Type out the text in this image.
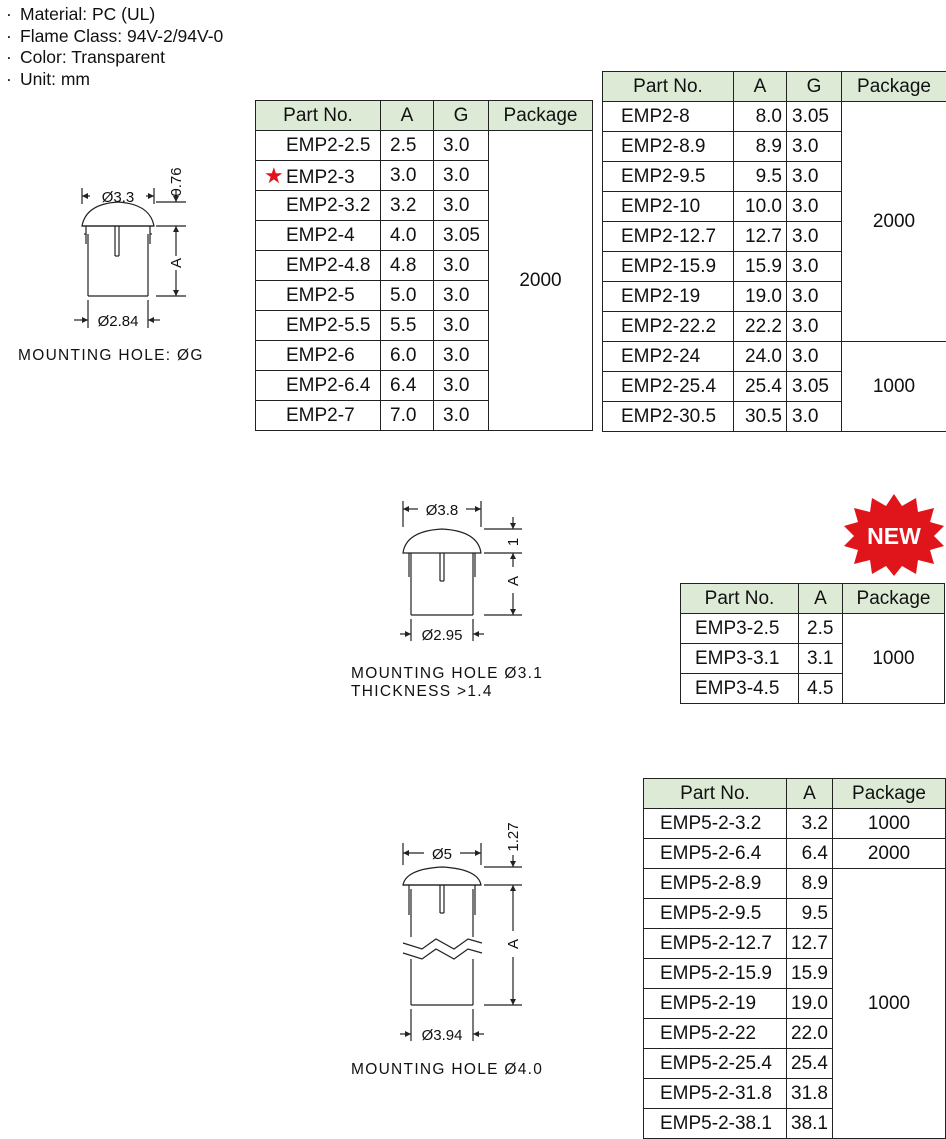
· Material: PC (UL)
· Flame Class: 94V-2/94V-0
· Color: Transparent
· Unit: mm
Ø3.3
0.76
A
Ø2.84
MOUNTING HOLE: ØG
Part No.	A	G	Package
EMP2-2.5	2.5	3.0	2000
★ EMP2-3	3.0	3.0	
EMP2-3.2	3.2	3.0	
EMP2-4	4.0	3.05	
EMP2-4.8	4.8	3.0	
EMP2-5	5.0	3.0	
EMP2-5.5	5.5	3.0	
EMP2-6	6.0	3.0	
EMP2-6.4	6.4	3.0	
EMP2-7	7.0	3.0	
Part No.	A	G	Package
EMP2-8	8.0	3.05	2000
EMP2-8.9	8.9	3.0	
EMP2-9.5	9.5	3.0	
EMP2-10	10.0	3.0	
EMP2-12.7	12.7	3.0	
EMP2-15.9	15.9	3.0	
EMP2-19	19.0	3.0	
EMP2-22.2	22.2	3.0	
EMP2-24	24.0	3.0	1000
EMP2-25.4	25.4	3.05	
EMP2-30.5	30.5	3.0	
Ø3.8
1
A
Ø2.95
MOUNTING HOLE Ø3.1
THICKNESS >1.4
NEW
Part No.	A	Package
EMP3-2.5	2.5	1000
EMP3-3.1	3.1	
EMP3-4.5	4.5	
Ø5
1.27
A
Ø3.94
MOUNTING HOLE Ø4.0
Part No.	A	Package
EMP5-2-3.2	3.2	1000
EMP5-2-6.4	6.4	2000
EMP5-2-8.9	8.9	1000
EMP5-2-9.5	9.5	
EMP5-2-12.7	12.7	
EMP5-2-15.9	15.9	
EMP5-2-19	19.0	
EMP5-2-22	22.0	
EMP5-2-25.4	25.4	
EMP5-2-31.8	31.8	
EMP5-2-38.1	38.1	
